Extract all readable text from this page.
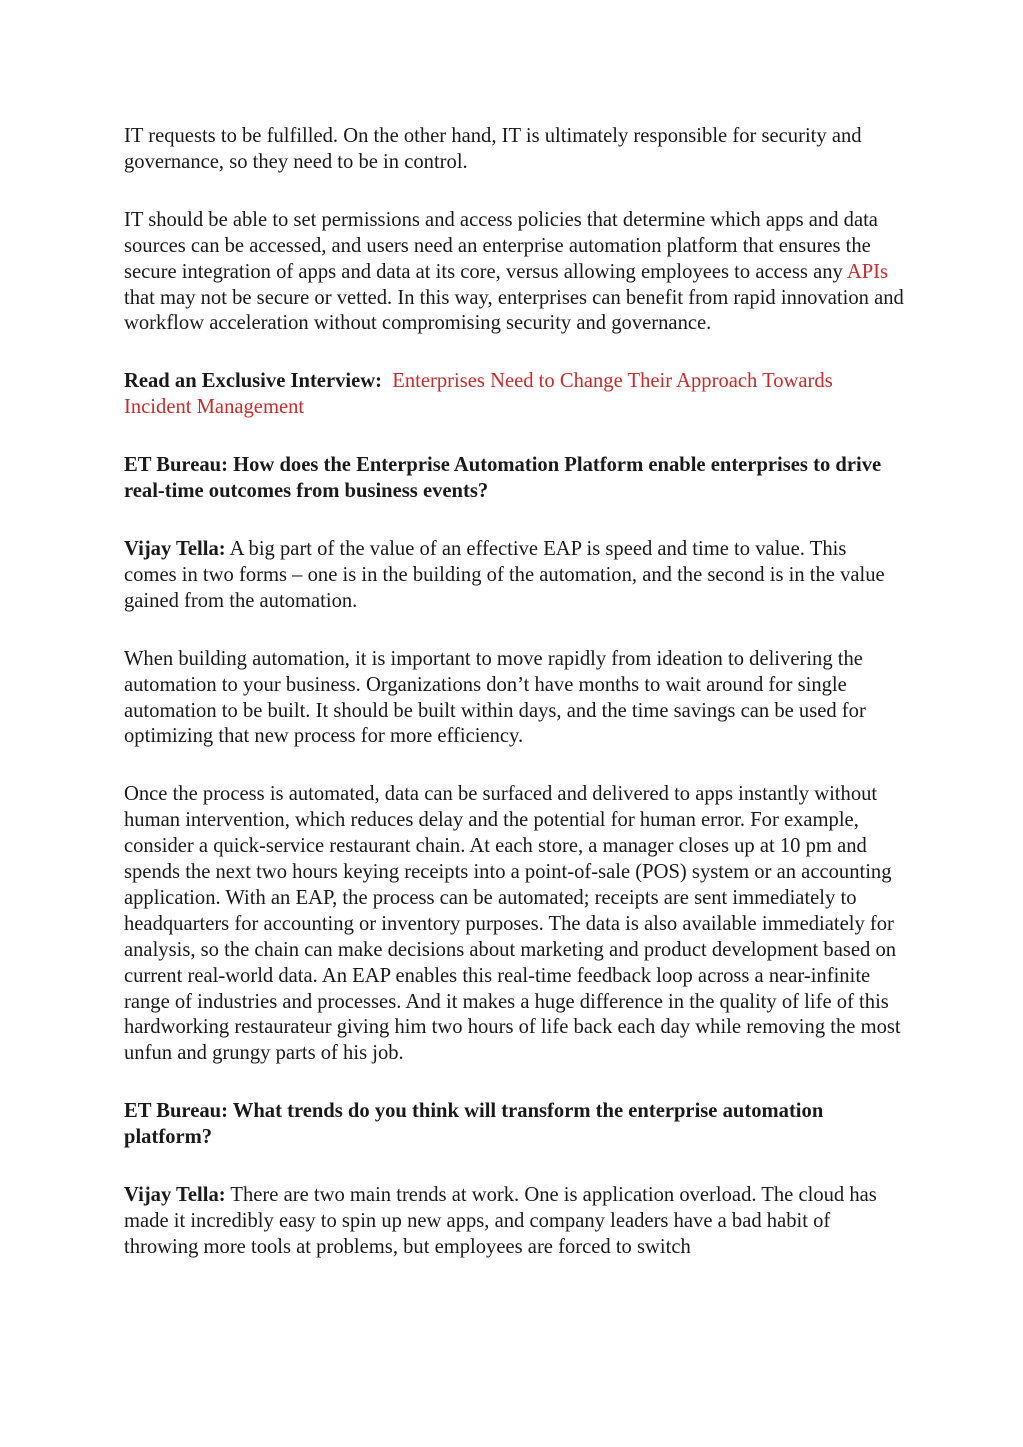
IT requests to be fulfilled. On the other hand, IT is ultimately responsible for security and governance, so they need to be in control.

IT should be able to set permissions and access policies that determine which apps and data sources can be accessed, and users need an enterprise automation platform that ensures the secure integration of apps and data at its core, versus allowing employees to access any APIs that may not be secure or vetted. In this way, enterprises can benefit from rapid innovation and workflow acceleration without compromising security and governance.

Read an Exclusive Interview: Enterprises Need to Change Their Approach Towards Incident Management

ET Bureau: How does the Enterprise Automation Platform enable enterprises to drive real-time outcomes from business events?

Vijay Tella: A big part of the value of an effective EAP is speed and time to value. This comes in two forms – one is in the building of the automation, and the second is in the value gained from the automation.

When building automation, it is important to move rapidly from ideation to delivering the automation to your business. Organizations don’t have months to wait around for single automation to be built. It should be built within days, and the time savings can be used for optimizing that new process for more efficiency.

Once the process is automated, data can be surfaced and delivered to apps instantly without human intervention, which reduces delay and the potential for human error. For example, consider a quick-service restaurant chain. At each store, a manager closes up at 10 pm and spends the next two hours keying receipts into a point-of-sale (POS) system or an accounting application. With an EAP, the process can be automated; receipts are sent immediately to headquarters for accounting or inventory purposes. The data is also available immediately for analysis, so the chain can make decisions about marketing and product development based on current real-world data. An EAP enables this real-time feedback loop across a near-infinite range of industries and processes. And it makes a huge difference in the quality of life of this hardworking restaurateur giving him two hours of life back each day while removing the most unfun and grungy parts of his job.

ET Bureau: What trends do you think will transform the enterprise automation platform?

Vijay Tella: There are two main trends at work. One is application overload. The cloud has made it incredibly easy to spin up new apps, and company leaders have a bad habit of throwing more tools at problems, but employees are forced to switch
